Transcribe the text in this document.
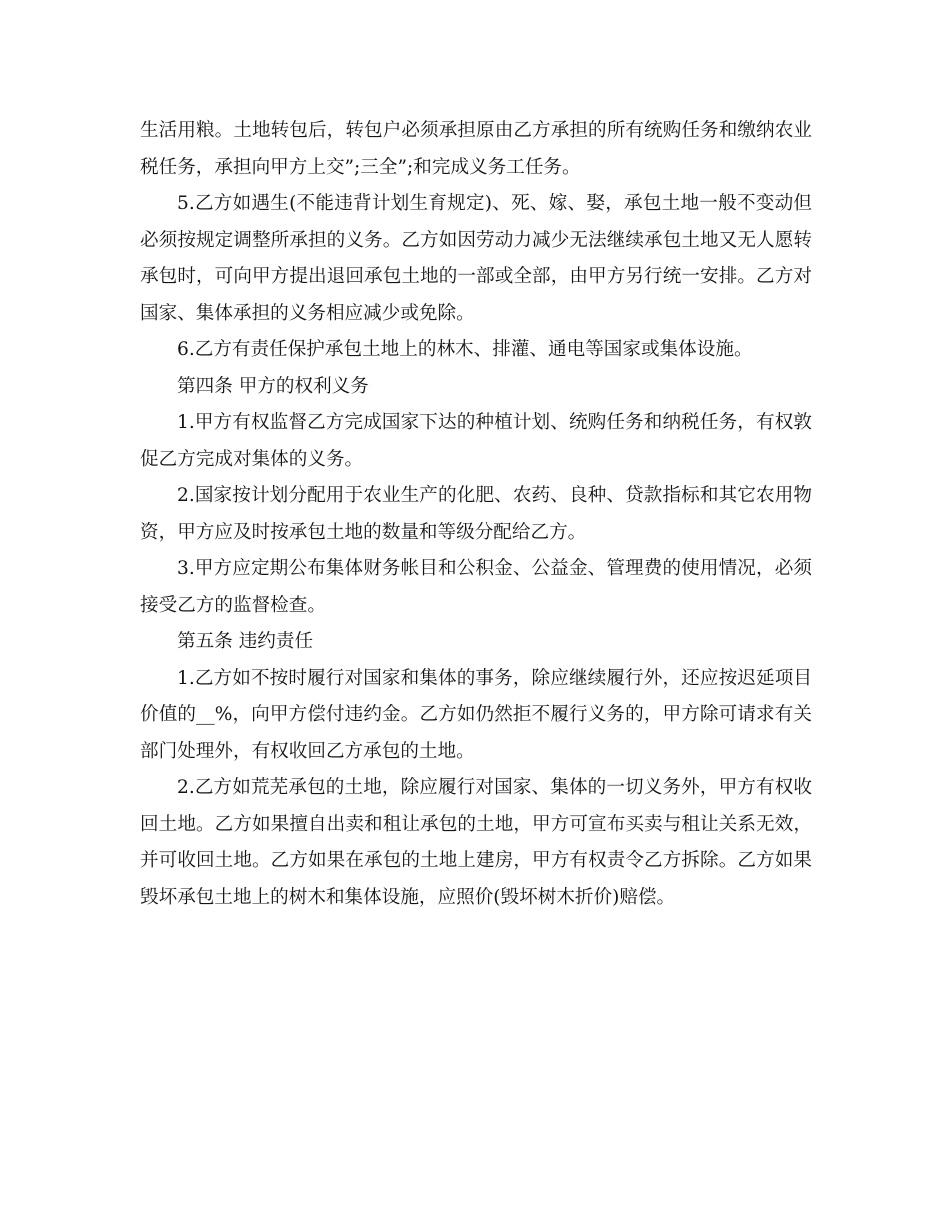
生活用粮。土地转包后，转包户必须承担原由乙方承担的所有统购任务和缴纳农业税任务，承担向甲方上交”;三全”;和完成义务工任务。

5.乙方如遇生(不能违背计划生育规定)、死、嫁、娶，承包土地一般不变动但必须按规定调整所承担的义务。乙方如因劳动力减少无法继续承包土地又无人愿转承包时，可向甲方提出退回承包土地的一部或全部，由甲方另行统一安排。乙方对国家、集体承担的义务相应减少或免除。

6.乙方有责任保护承包土地上的林木、排灌、通电等国家或集体设施。

第四条 甲方的权利义务

1.甲方有权监督乙方完成国家下达的种植计划、统购任务和纳税任务，有权敦促乙方完成对集体的义务。

2.国家按计划分配用于农业生产的化肥、农药、良种、贷款指标和其它农用物资，甲方应及时按承包土地的数量和等级分配给乙方。

3.甲方应定期公布集体财务帐目和公积金、公益金、管理费的使用情况，必须接受乙方的监督检查。

第五条 违约责任

1.乙方如不按时履行对国家和集体的事务，除应继续履行外，还应按迟延项目价值的__%，向甲方偿付违约金。乙方如仍然拒不履行义务的，甲方除可请求有关部门处理外，有权收回乙方承包的土地。

2.乙方如荒芜承包的土地，除应履行对国家、集体的一切义务外，甲方有权收回土地。乙方如果擅自出卖和租让承包的土地，甲方可宣布买卖与租让关系无效，并可收回土地。乙方如果在承包的土地上建房，甲方有权责令乙方拆除。乙方如果毁坏承包土地上的树木和集体设施，应照价(毁坏树木折价)赔偿。
